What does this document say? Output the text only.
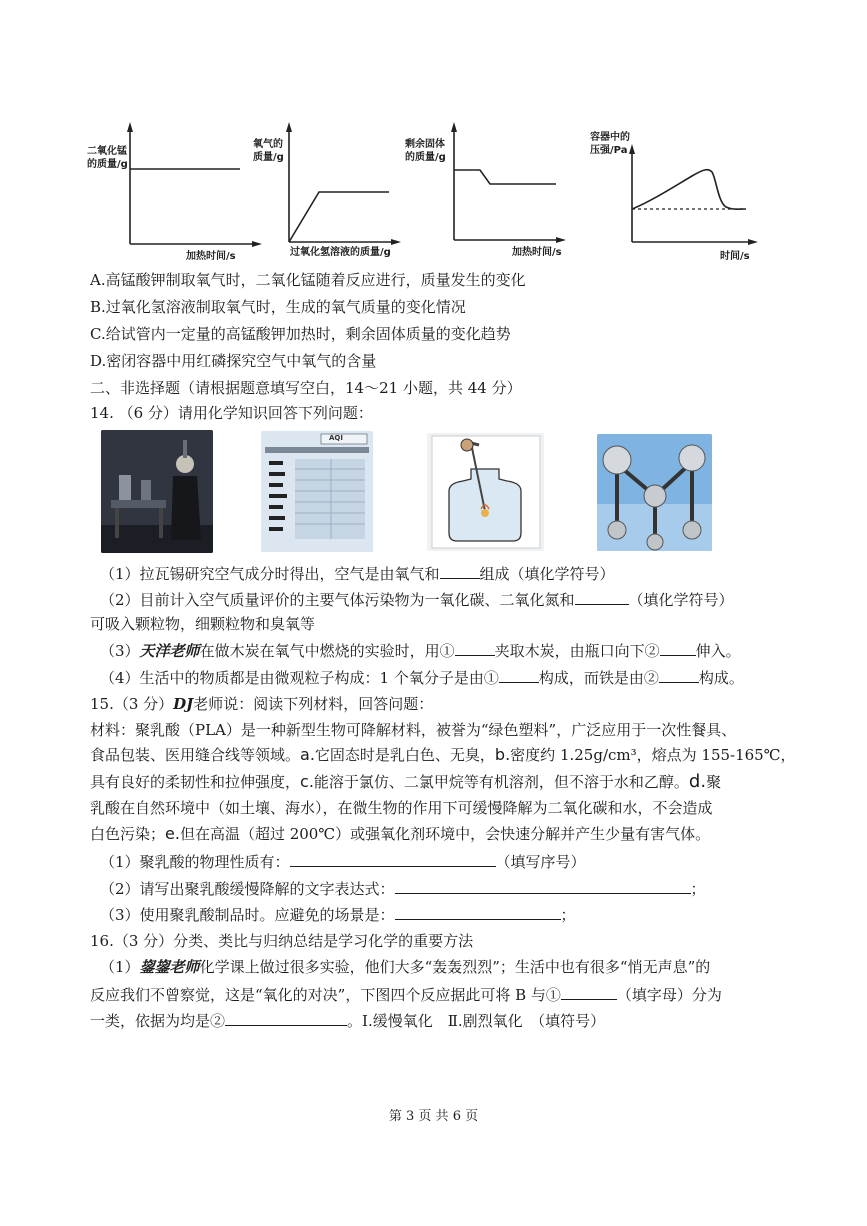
二氧化锰
的质量/g
加热时间/s
氧气的
质量/g
过氧化氢溶液的质量/g
剩余固体
的质量/g
加热时间/s
容器中的
压强/Pa
时间/s
A.高锰酸钾制取氧气时，二氧化锰随着反应进行，质量发生的变化
B.过氧化氢溶液制取氧气时，生成的氧气质量的变化情况
C.给试管内一定量的高锰酸钾加热时，剩余固体质量的变化趋势
D.密闭容器中用红磷探究空气中氧气的含量
二、非选择题（请根据题意填写空白，14～21 小题，共 44 分）
14. （6 分）请用化学知识回答下列问题：
AQI
（1）拉瓦锡研究空气成分时得出，空气是由氧气和	组成（填化学符号）
（2）目前计入空气质量评价的主要气体污染物为一氧化碳、二氧化氮和	（填化学符号）
可吸入颗粒物，细颗粒物和臭氧等
（3）天洋老师在做木炭在氧气中燃烧的实验时，用①	夹取木炭，由瓶口向下② 伸入。
（4）生活中的物质都是由微观粒子构成：1 个氧分子是由①	构成，而铁是由②	构成。
15.（3 分）DJ老师说：阅读下列材料，回答问题：
材料：聚乳酸（PLA）是一种新型生物可降解材料，被誉为“绿色塑料”，广泛应用于一次性餐具、
食品包装、医用缝合线等领域。a.它固态时是乳白色、无臭，b.密度约 1.25g/cm³，熔点为 155-165℃，
具有良好的柔韧性和拉伸强度，c.能溶于氯仿、二氯甲烷等有机溶剂，但不溶于水和乙醇。d.聚
乳酸在自然环境中（如土壤、海水），在微生物的作用下可缓慢降解为二氧化碳和水，不会造成
白色污染；e.但在高温（超过 200℃）或强氧化剂环境中，会快速分解并产生少量有害气体。
（1）聚乳酸的物理性质有：	（填写序号）
（2）请写出聚乳酸缓慢降解的文字表达式：	；
（3）使用聚乳酸制品时。应避免的场景是：	；
16.（3 分）分类、类比与归纳总结是学习化学的重要方法
（1）鋆鋆老师化学课上做过很多实验，他们大多“轰轰烈烈”；生活中也有很多“悄无声息”的
反应我们不曾察觉，这是“氧化的对决”，下图四个反应据此可将 B 与①	（填字母）分为
一类，依据为均是②	。Ⅰ.缓慢氧化　Ⅱ.剧烈氧化　（填符号）
第 3 页 共 6 页
